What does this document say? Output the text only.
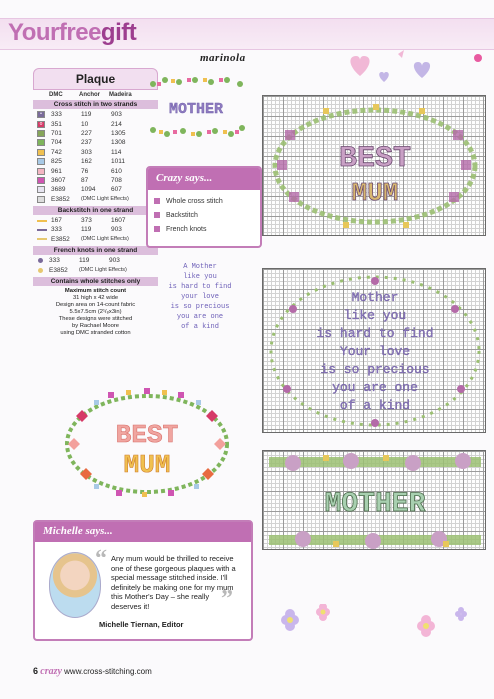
Yourfreegift
marinola
Plaque
DMC	Anchor	Madeira
Cross stitch in two strands
•	333	119	903
o	351	10	214
701	227	1305
704	237	1308
742	303	114
825	162	1011
961	76	610
3607	87	708
3689	1094	607
E3852	(DMC Light Effects)
Backstitch in one strand
167	373	1607
333	119	903
E3852	(DMC Light Effects)
French knots in one strand
333	119	903
E3852	(DMC Light Effects)
Contains whole stitches only
Maximum stitch count
31 high x 42 wide
Design area on 14-count fabric
5.5x7.5cm (2¹/₈x3in)
These designs were stitched
by Rachael Moore
using DMC stranded cotton
MOTHER
Crazy says...
Whole cross stitch
Backstitch
French knots
A Mother
like you
is hard to find
your love
is so precious
you are one
of a kind
BEST
MUM
BEST
MUM
Mother
like you
is hard to find
Your love
is so precious
you are one
of a kind
MOTHER
Michelle says...
“ Any mum would be thrilled to receive one of these gorgeous plaques with a special message stitched inside. I'll definitely be making one for my mum this Mother's Day – she really deserves it!	”
Michelle Tiernan, Editor
6 crazy www.cross-stitching.com
